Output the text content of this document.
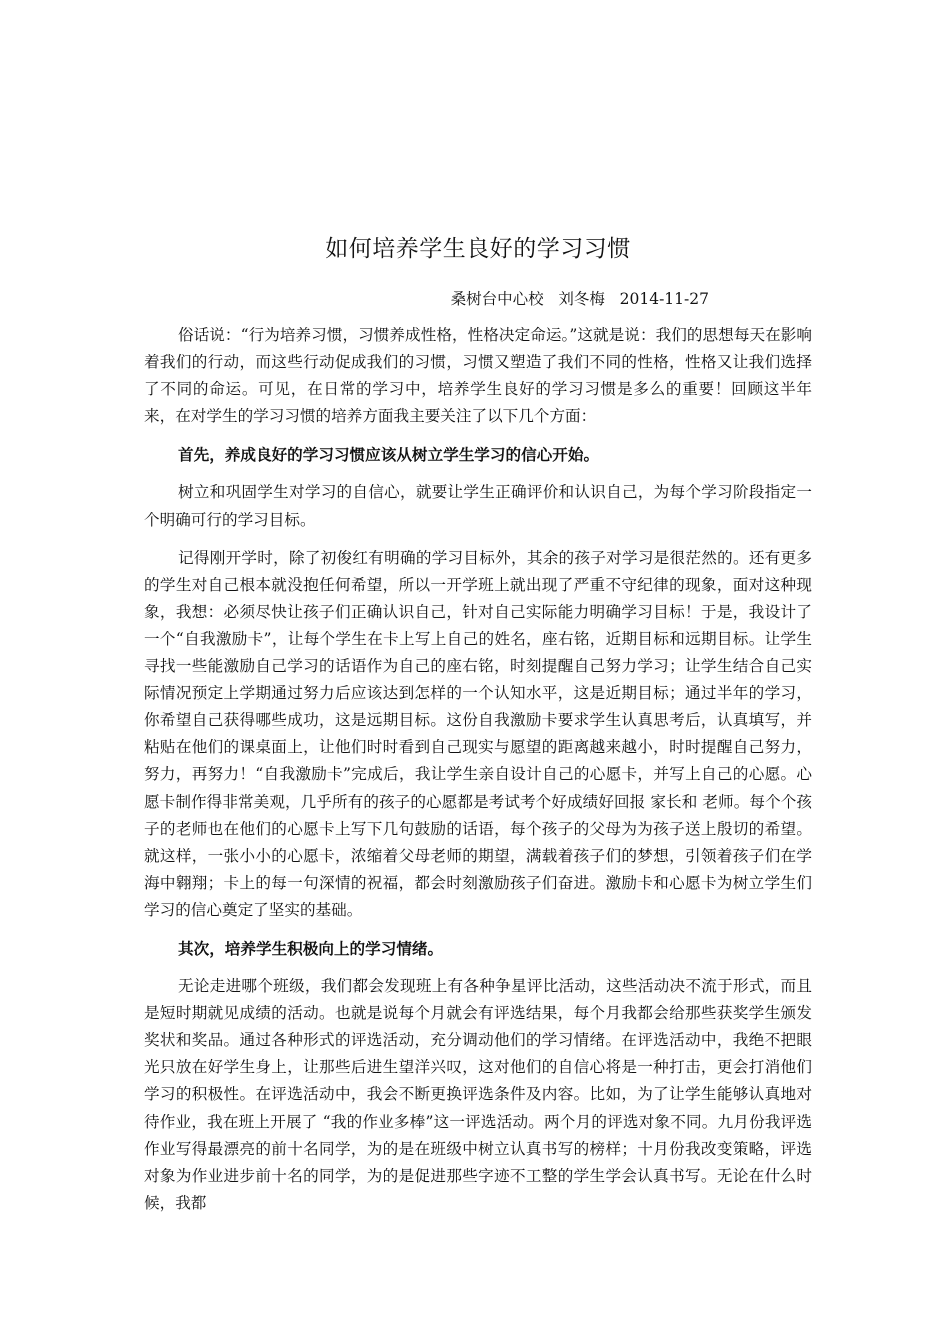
如何培养学生良好的学习习惯

桑树台中心校   刘冬梅   2014-11-27

俗话说：“行为培养习惯，习惯养成性格，性格决定命运。”这就是说：我们的思想每天在影响着我们的行动，而这些行动促成我们的习惯，习惯又塑造了我们不同的性格，性格又让我们选择了不同的命运。可见，在日常的学习中，培养学生良好的学习习惯是多么的重要！回顾这半年来，在对学生的学习习惯的培养方面我主要关注了以下几个方面：

首先，养成良好的学习习惯应该从树立学生学习的信心开始。

树立和巩固学生对学习的自信心，就要让学生正确评价和认识自己，为每个学习阶段指定一个明确可行的学习目标。

记得刚开学时，除了初俊红有明确的学习目标外，其余的孩子对学习是很茫然的。还有更多的学生对自己根本就没抱任何希望，所以一开学班上就出现了严重不守纪律的现象，面对这种现象，我想：必须尽快让孩子们正确认识自己，针对自己实际能力明确学习目标！于是，我设计了一个“自我激励卡”，让每个学生在卡上写上自己的姓名，座右铭，近期目标和远期目标。让学生寻找一些能激励自己学习的话语作为自己的座右铭，时刻提醒自己努力学习；让学生结合自己实际情况预定上学期通过努力后应该达到怎样的一个认知水平，这是近期目标；通过半年的学习，你希望自己获得哪些成功，这是远期目标。这份自我激励卡要求学生认真思考后，认真填写，并粘贴在他们的课桌面上，让他们时时看到自己现实与愿望的距离越来越小，时时提醒自己努力，努力，再努力！“自我激励卡”完成后，我让学生亲自设计自己的心愿卡，并写上自己的心愿。心愿卡制作得非常美观，几乎所有的孩子的心愿都是考试考个好成绩好回报 家长和 老师。每个个孩子的老师也在他们的心愿卡上写下几句鼓励的话语，每个孩子的父母为为孩子送上殷切的希望。就这样，一张小小的心愿卡，浓缩着父母老师的期望，满载着孩子们的梦想，引领着孩子们在学海中翱翔；卡上的每一句深情的祝福，都会时刻激励孩子们奋进。激励卡和心愿卡为树立学生们学习的信心奠定了坚实的基础。

其次，培养学生积极向上的学习情绪。

无论走进哪个班级，我们都会发现班上有各种争星评比活动，这些活动决不流于形式，而且是短时期就见成绩的活动。也就是说每个月就会有评选结果，每个月我都会给那些获奖学生颁发奖状和奖品。通过各种形式的评选活动，充分调动他们的学习情绪。在评选活动中，我绝不把眼光只放在好学生身上，让那些后进生望洋兴叹，这对他们的自信心将是一种打击，更会打消他们学习的积极性。在评选活动中，我会不断更换评选条件及内容。比如，为了让学生能够认真地对待作业，我在班上开展了 “我的作业多棒”这一评选活动。两个月的评选对象不同。九月份我评选作业写得最漂亮的前十名同学，为的是在班级中树立认真书写的榜样；十月份我改变策略，评选对象为作业进步前十名的同学，为的是促进那些字迹不工整的学生学会认真书写。无论在什么时候，我都
